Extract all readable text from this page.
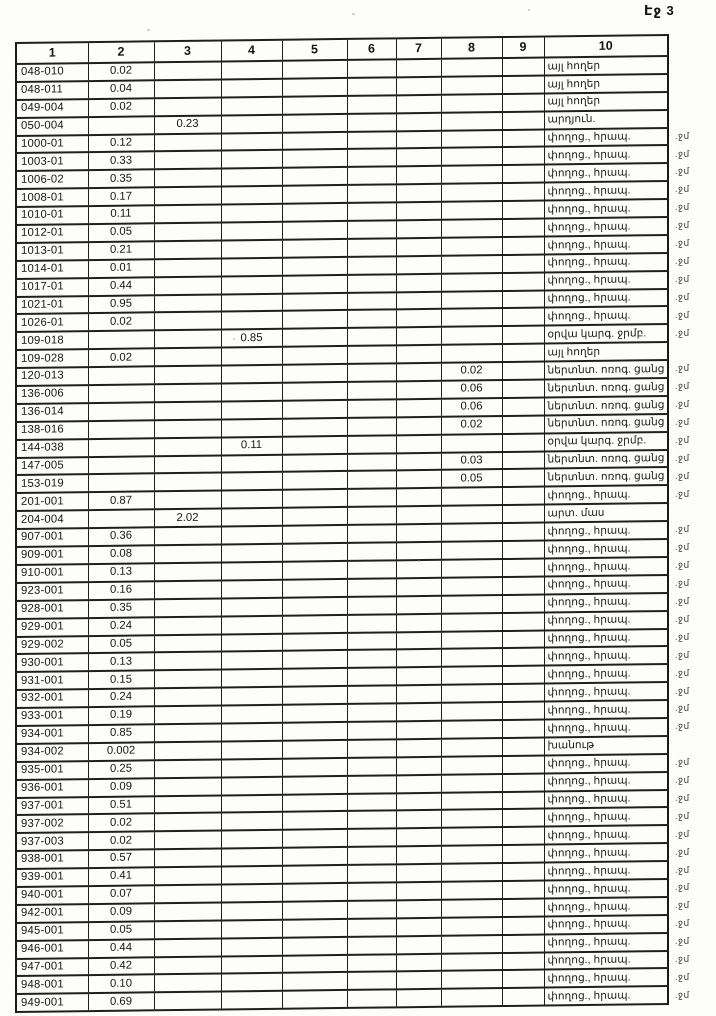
Էջ 3
1	2	3	4	5	6	7	8	9	10
048-010	0.02								այլ հողեր
048-011	0.04								այլ հողեր
049-004	0.02								այլ հողեր
050-004		0.23							արդյուն.
1000-01	0.12								փողոց., հրապ.
1003-01	0.33								փողոց., հրապ.
1006-02	0.35								փողոց., հրապ.
1008-01	0.17								փողոց., հրապ.
1010-01	0.11								փողոց., հրապ.
1012-01	0.05								փողոց., հրապ.
1013-01	0.21								փողոց., հրապ.
1014-01	0.01								փողոց., հրապ.
1017-01	0.44								փողոց., հրապ.
1021-01	0.95								փողոց., հրապ.
1026-01	0.02								փողոց., հրապ.
109-018			0.85						օրվա կարգ. ջրմբ.
109-028	0.02								այլ հողեր
120-013							0.02		ներտնտ. ոռոգ. ցանց
136-006							0.06		ներտնտ. ոռոգ. ցանց
136-014							0.06		ներտնտ. ոռոգ. ցանց
138-016							0.02		ներտնտ. ոռոգ. ցանց
144-038			0.11						օրվա կարգ. ջրմբ.
147-005							0.03		ներտնտ. ոռոգ. ցանց
153-019							0.05		ներտնտ. ոռոգ. ցանց
201-001	0.87								փողոց., հրապ.
204-004		2.02							արտ. մաս
907-001	0.36								փողոց., հրապ.
909-001	0.08								փողոց., հրապ.
910-001	0.13								փողոց., հրապ.
923-001	0.16								փողոց., հրապ.
928-001	0.35								փողոց., հրապ.
929-001	0.24								փողոց., հրապ.
929-002	0.05								փողոց., հրապ.
930-001	0.13								փողոց., հրապ.
931-001	0.15								փողոց., հրապ.
932-001	0.24								փողոց., հրապ.
933-001	0.19								փողոց., հրապ.
934-001	0.85								փողոց., հրապ.
934-002	0.002								խանութ
935-001	0.25								փողոց., հրապ.
936-001	0.09								փողոց., հրապ.
937-001	0.51								փողոց., հրապ.
937-002	0.02								փողոց., հրապ.
937-003	0.02								փողոց., հրապ.
938-001	0.57								փողոց., հրապ.
939-001	0.41								փողոց., հրապ.
940-001	0.07								փողոց., հրապ.
942-001	0.09								փողոց., հրապ.
945-001	0.05								փողոց., հրապ.
946-001	0.44								փողոց., հրապ.
947-001	0.42								փողոց., հրապ.
948-001	0.10								փողոց., հրապ.
949-001	0.69								փողոց., հրապ.
.ջմ
.ջմ
.ջմ
.ջմ
.ջմ
.ջմ
.ջմ
.ջմ
.ջմ
.ջմ
.ջմ
.ջմ
.ջմ
.ջմ
.ջմ
.ջմ
.ջմ
.ջմ
.ջմ
.ջմ
.ջմ
.ջմ
.ջմ
.ջմ
.ջմ
.ջմ
.ջմ
.ջմ
.ջմ
.ջմ
.ջմ
.ջմ
.ջմ
.ջմ
.ջմ
.ջմ
.ջմ
.ջմ
.ջմ
.ջմ
.ջմ
.ջմ
.ջմ
.ջմ
.ջմ
.ջմ
